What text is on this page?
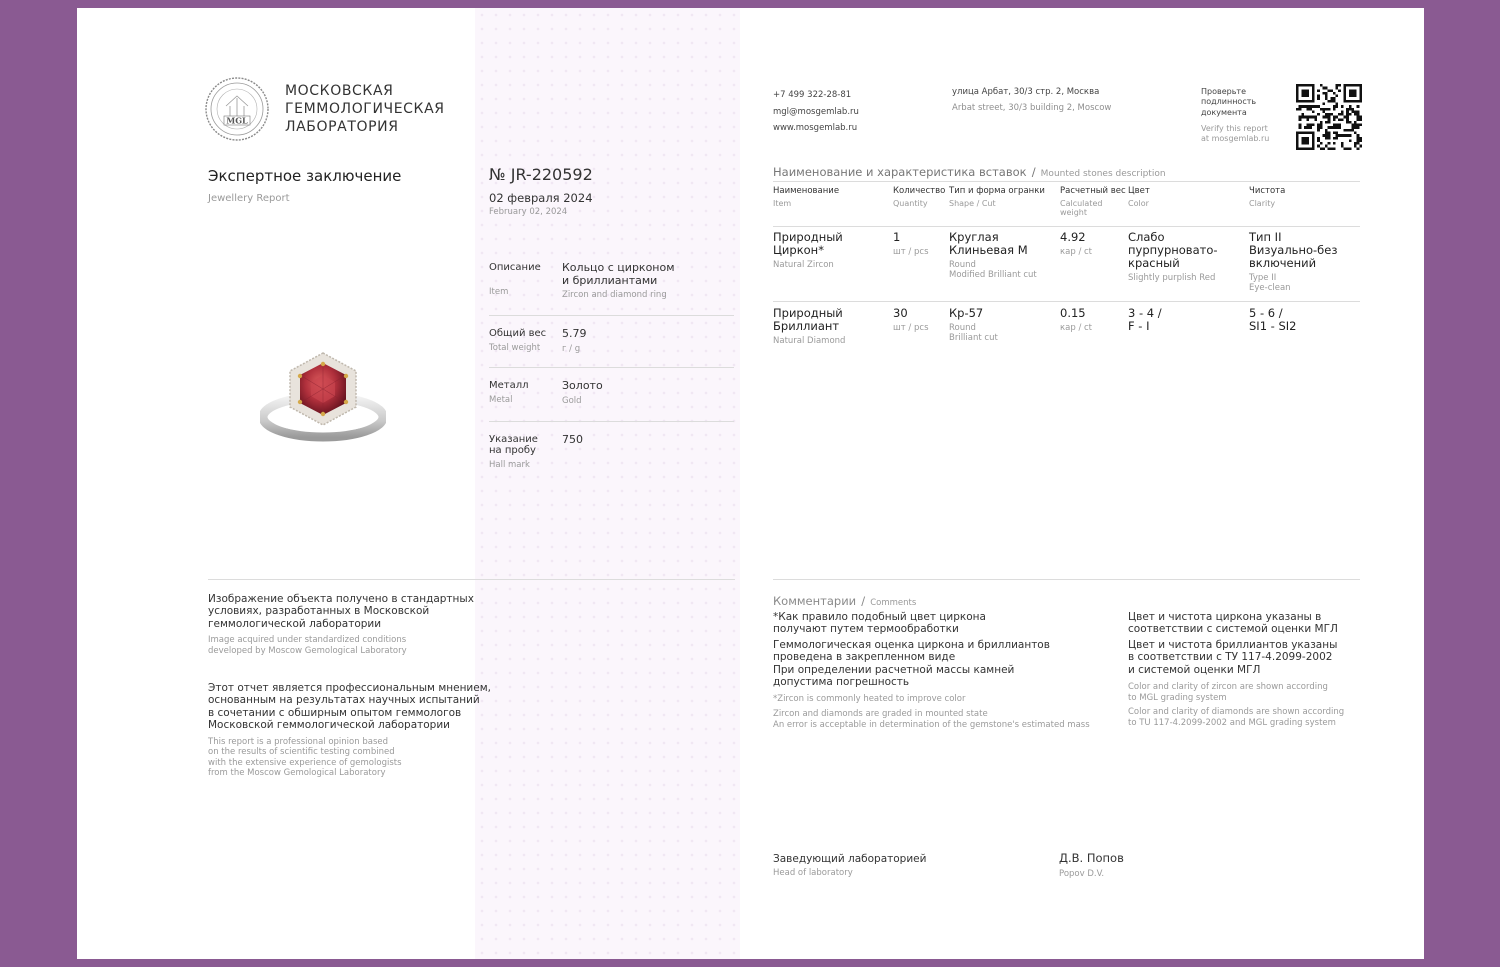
MGL
МОСКОВСКАЯ
ГЕММОЛОГИЧЕСКАЯ
ЛАБОРАТОРИЯ
Экспертное заключение
Jewellery Report
№ JR-220592
02 февраля 2024
February 02, 2024
Описание
Item
Кольцо с цирконом
и бриллиантами
Zircon and diamond ring
Общий вес
Total weight
5.79
г / g
Металл
Metal
Золото
Gold
Указание
на пробу
Hall mark
750
+7 499 322-28-81
mgl@mosgemlab.ru
www.mosgemlab.ru
улица Арбат, 30/3 стр. 2, Москва
Arbat street, 30/3 building 2, Moscow
Проверьте
подлинность
документа
Verify this report
at mosgemlab.ru
Наименование и характеристика вставок / Mounted stones description
Наименование
Item
Количество
Quantity
Тип и форма огранки
Shape / Cut
Расчетный вес
Calculated
weight
Цвет
Color
Чистота
Clarity
Природный
Циркон*
Natural Zircon
1
шт / pcs
Круглая
Клиньевая М
Round
Modified Brilliant cut
4.92
кар / ct
Слабо
пурпурновато-
красный
Slightly purplish Red
Тип II
Визуально-без
включений
Type II
Eye-clean
Природный
Бриллиант
Natural Diamond
30
шт / pcs
Кр-57
Round
Brilliant cut
0.15
кар / ct
3 - 4 /
F - I
5 - 6 /
SI1 - SI2
Изображение объекта получено в стандартных
условиях, разработанных в Московской
геммологической лаборатории
Image acquired under standardized conditions
developed by Moscow Gemological Laboratory
Этот отчет является профессиональным мнением,
основанным на результатах научных испытаний
в сочетании с обширным опытом геммологов
Московской геммологической лаборатории
This report is a professional opinion based
on the results of scientific testing combined
with the extensive experience of gemologists
from the Moscow Gemological Laboratory
Комментарии / Comments
*Как правило подобный цвет циркона
получают путем термообработки
Геммологическая оценка циркона и бриллиантов
проведена в закрепленном виде
При определении расчетной массы камней
допустима погрешность
*Zircon is commonly heated to improve color
Zircon and diamonds are graded in mounted state
An error is acceptable in determination of the gemstone's estimated mass
Цвет и чистота циркона указаны в
соответствии с системой оценки МГЛ
Цвет и чистота бриллиантов указаны
в соответствии с ТУ 117-4.2099-2002
и системой оценки МГЛ
Color and clarity of zircon are shown according
to MGL grading system
Color and clarity of diamonds are shown according
to TU 117-4.2099-2002 and MGL grading system
Заведующий лабораторией
Head of laboratory
Д.В. Попов
Popov D.V.
